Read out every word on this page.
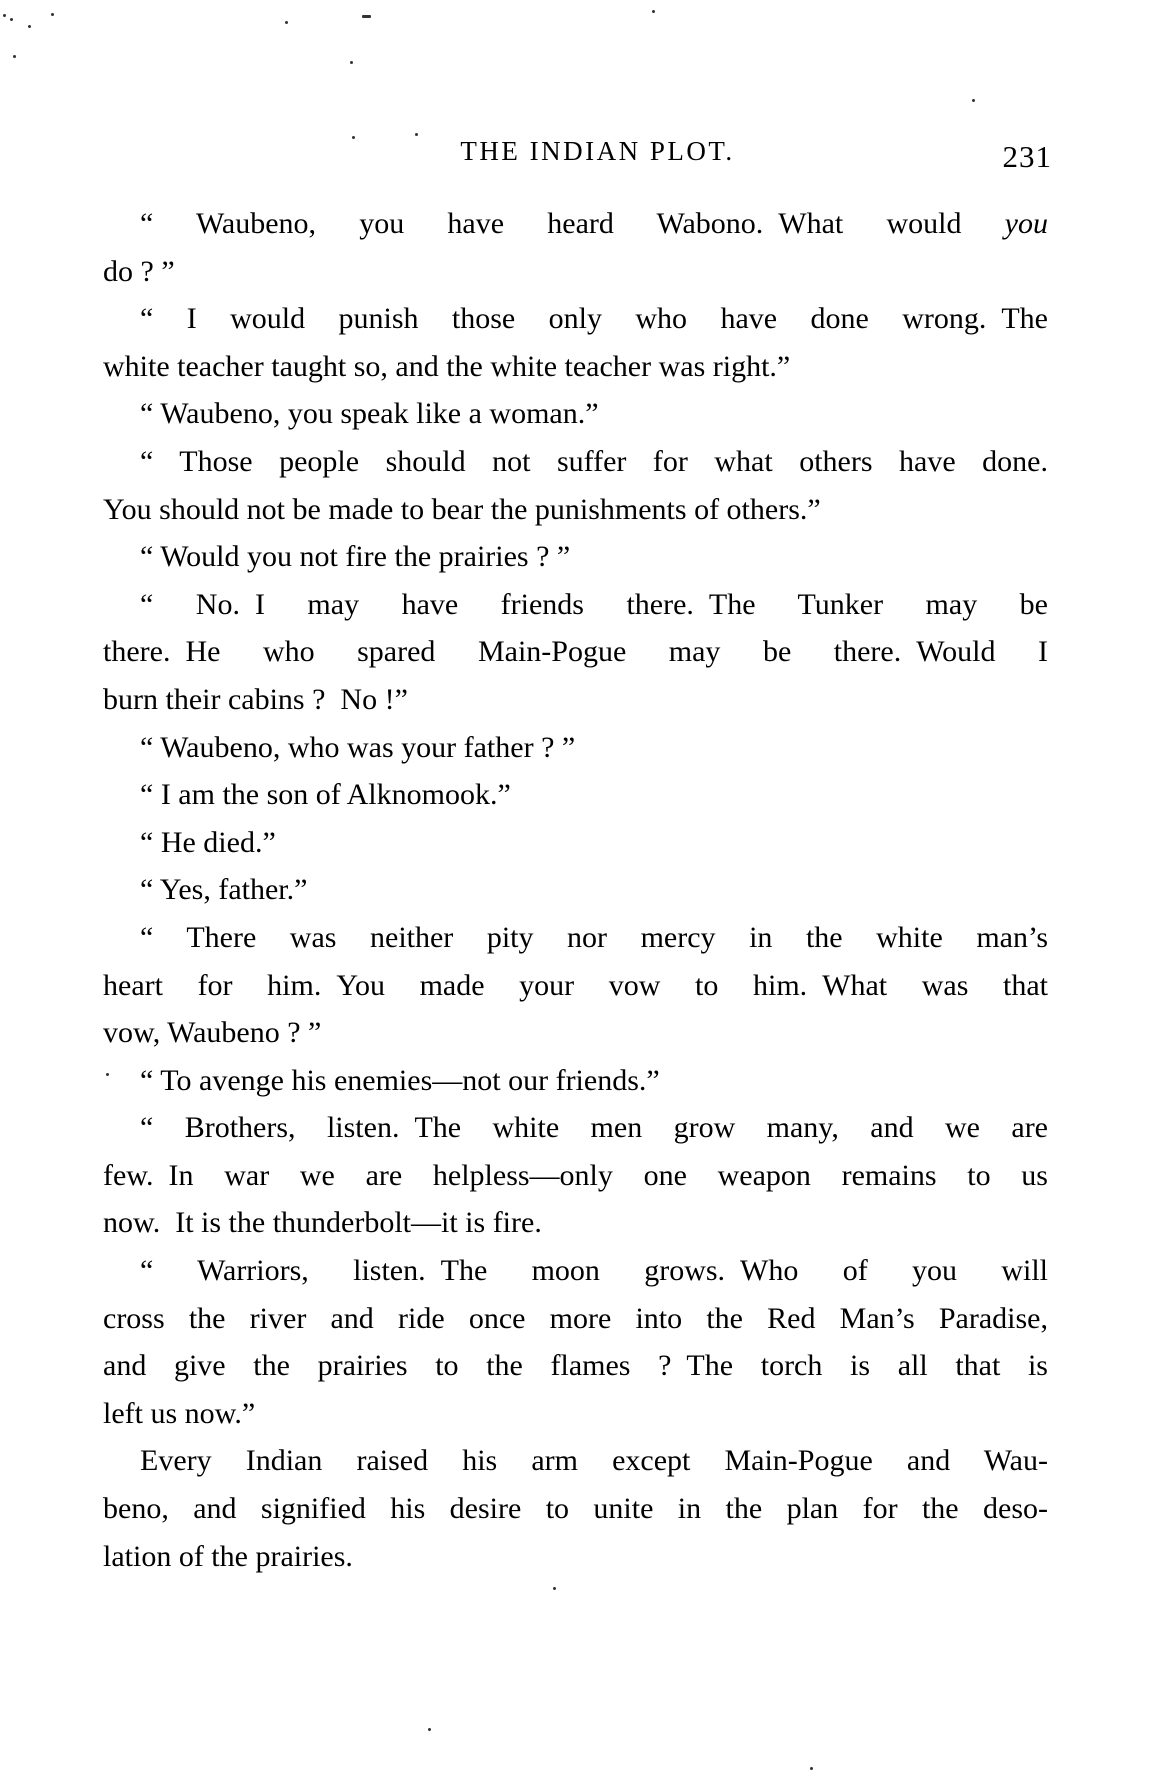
THE INDIAN PLOT.	231
“ Waubeno, you have heard Wabono. What would you
do ? ”
“ I would punish those only who have done wrong. The
white teacher taught so, and the white teacher was right.”
“ Waubeno, you speak like a woman.”
“ Those people should not suffer for what others have done.
You should not be made to bear the punishments of others.”
“ Would you not fire the prairies ? ”
“ No. I may have friends there. The Tunker may be
there. He who spared Main-Pogue may be there. Would I
burn their cabins ? No !”
“ Waubeno, who was your father ? ”
“ I am the son of Alknomook.”
“ He died.”
“ Yes, father.”
“ There was neither pity nor mercy in the white man’s
heart for him. You made your vow to him. What was that
vow, Waubeno ? ”
“ To avenge his enemies—not our friends.”
“ Brothers, listen. The white men grow many, and we are
few. In war we are helpless—only one weapon remains to us
now. It is the thunderbolt—it is fire.
“ Warriors, listen. The moon grows. Who of you will
cross the river and ride once more into the Red Man’s Paradise,
and give the prairies to the flames ? The torch is all that is
left us now.”
Every Indian raised his arm except Main-Pogue and Wau-
beno, and signified his desire to unite in the plan for the deso-
lation of the prairies.
